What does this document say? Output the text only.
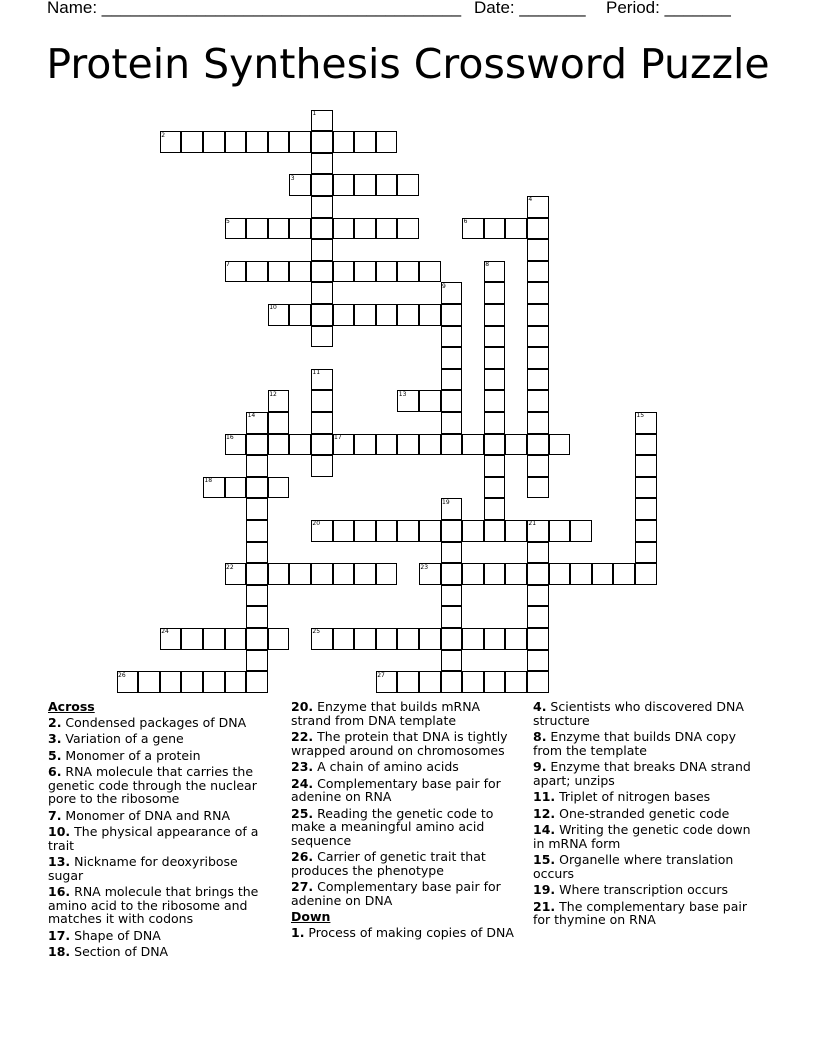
Name: ______________________________________ Date: _______ Period: _______
Protein Synthesis Crossword Puzzle
1
2
3
4
5	6
7	8
9
10
11
12	13
14	15
16	17
18
19
20	21
22	23
24	25
26	27
Across
2. Condensed packages of DNA
3. Variation of a gene
5. Monomer of a protein
6. RNA molecule that carries the genetic code through the nuclear pore to the ribosome
7. Monomer of DNA and RNA
10. The physical appearance of a trait
13. Nickname for deoxyribose sugar
16. RNA molecule that brings the amino acid to the ribosome and matches it with codons
17. Shape of DNA
18. Section of DNA
20. Enzyme that builds mRNA strand from DNA template
22. The protein that DNA is tightly wrapped around on chromosomes
23. A chain of amino acids
24. Complementary base pair for adenine on RNA
25. Reading the genetic code to make a meaningful amino acid sequence
26. Carrier of genetic trait that produces the phenotype
27. Complementary base pair for adenine on DNA
Down
1. Process of making copies of DNA
4. Scientists who discovered DNA structure
8. Enzyme that builds DNA copy from the template
9. Enzyme that breaks DNA strand apart; unzips
11. Triplet of nitrogen bases
12. One-stranded genetic code
14. Writing the genetic code down in mRNA form
15. Organelle where translation occurs
19. Where transcription occurs
21. The complementary base pair for thymine on RNA
